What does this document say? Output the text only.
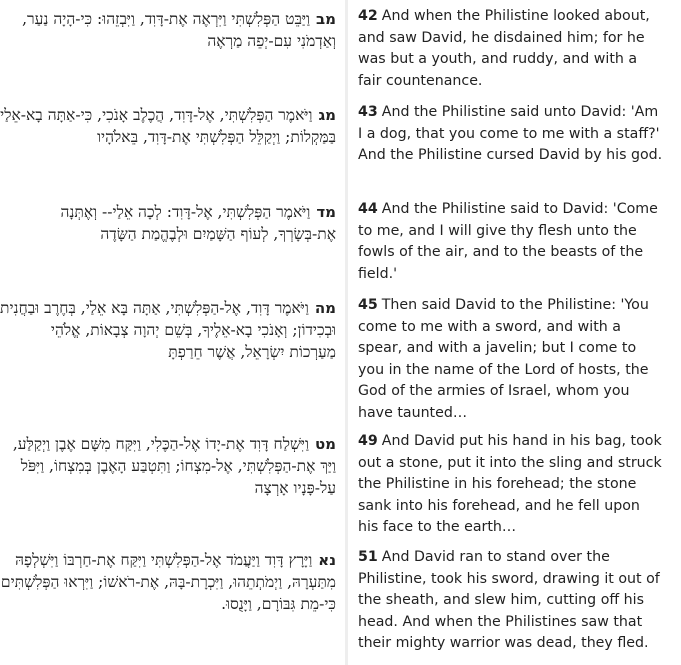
מבוַיַּבֵּט הַפְּלִשְׁתִּי וַיִּרְאֶה אֶת-דָּוִד, וַיִּבְזֵהוּ: כִּי-הָיָה נַעַר, וְאַדְמֹנִי עִם-יְפֵה מַרְאֶה
42 And when the Philistine looked about, and saw David, he disdained him; for he was but a youth, and ruddy, and with a fair countenance.
מגוַיֹּאמֶר הַפְּלִשְׁתִּי, אֶל-דָּוִד, הֲכֶלֶב אָנֹכִי, כִּי-אַתָּה בָא-אֵלַי בַּמַּקְלוֹת; וַיְקַלֵּל הַפְּלִשְׁתִּי אֶת-דָּוִד, בֵּאלֹהָיו
43 And the Philistine said unto David: 'Am I a dog, that you come to me with a staff?' And the Philistine cursed David by his god.
מדוַיֹּאמֶר הַפְּלִשְׁתִּי, אֶל-דָּוִד: לְכָה אֵלַי-- וְאֶתְּנָה אֶת-בְּשָׂרְךָ, לְעוֹף הַשָּׁמַיִם וּלְבֶהֱמַת הַשָּׂדֶה
44 And the Philistine said to David: 'Come to me, and I will give thy flesh unto the fowls of the air, and to the beasts of the field.'
מהוַיֹּאמֶר דָּוִד, אֶל-הַפְּלִשְׁתִּי, אַתָּה בָּא אֵלַי, בְּחֶרֶב וּבַחֲנִית וּבְכִידוֹן; וְאָנֹכִי בָא-אֵלֶיךָ, בְּשֵׁם יְהוָה צְבָאוֹת, אֱלֹהֵי מַעַרְכוֹת יִשְׂרָאֵל, אֲשֶׁר חֵרַפְתָּ
45 Then said David to the Philistine: 'You come to me with a sword, and with a spear, and with a javelin; but I come to you in the name of the Lord of hosts, the God of the armies of Israel, whom you have taunted…
מטוַיִּשְׁלַח דָּוִד אֶת-יָדוֹ אֶל-הַכֶּלִי, וַיִּקַּח מִשָּׁם אֶבֶן וַיְקַלַּע, וַיַּךְ אֶת-הַפְּלִשְׁתִּי, אֶל-מִצְחוֹ; וַתִּטְבַּע הָאֶבֶן בְּמִצְחוֹ, וַיִּפֹּל עַל-פָּנָיו אָרְצָה
49 And David put his hand in his bag, took out a stone, put it into the sling and struck the Philistine in his forehead; the stone sank into his forehead, and he fell upon his face to the earth…
נאוַיָּרָץ דָּוִד וַיַּעֲמֹד אֶל-הַפְּלִשְׁתִּי וַיִּקַּח אֶת-חַרְבּוֹ וַיִּשְׁלְפָהּ מִתַּעְרָהּ, וַיְמֹתְתֵהוּ, וַיִּכְרָת-בָּהּ, אֶת-רֹאשׁוֹ; וַיִּרְאוּ הַפְּלִשְׁתִּים כִּי-מֵת גִּבּוֹרָם, וַיָּנֻסוּ.
51 And David ran to stand over the Philistine, took his sword, drawing it out of the sheath, and slew him, cutting off his head. And when the Philistines saw that their mighty warrior was dead, they fled.
